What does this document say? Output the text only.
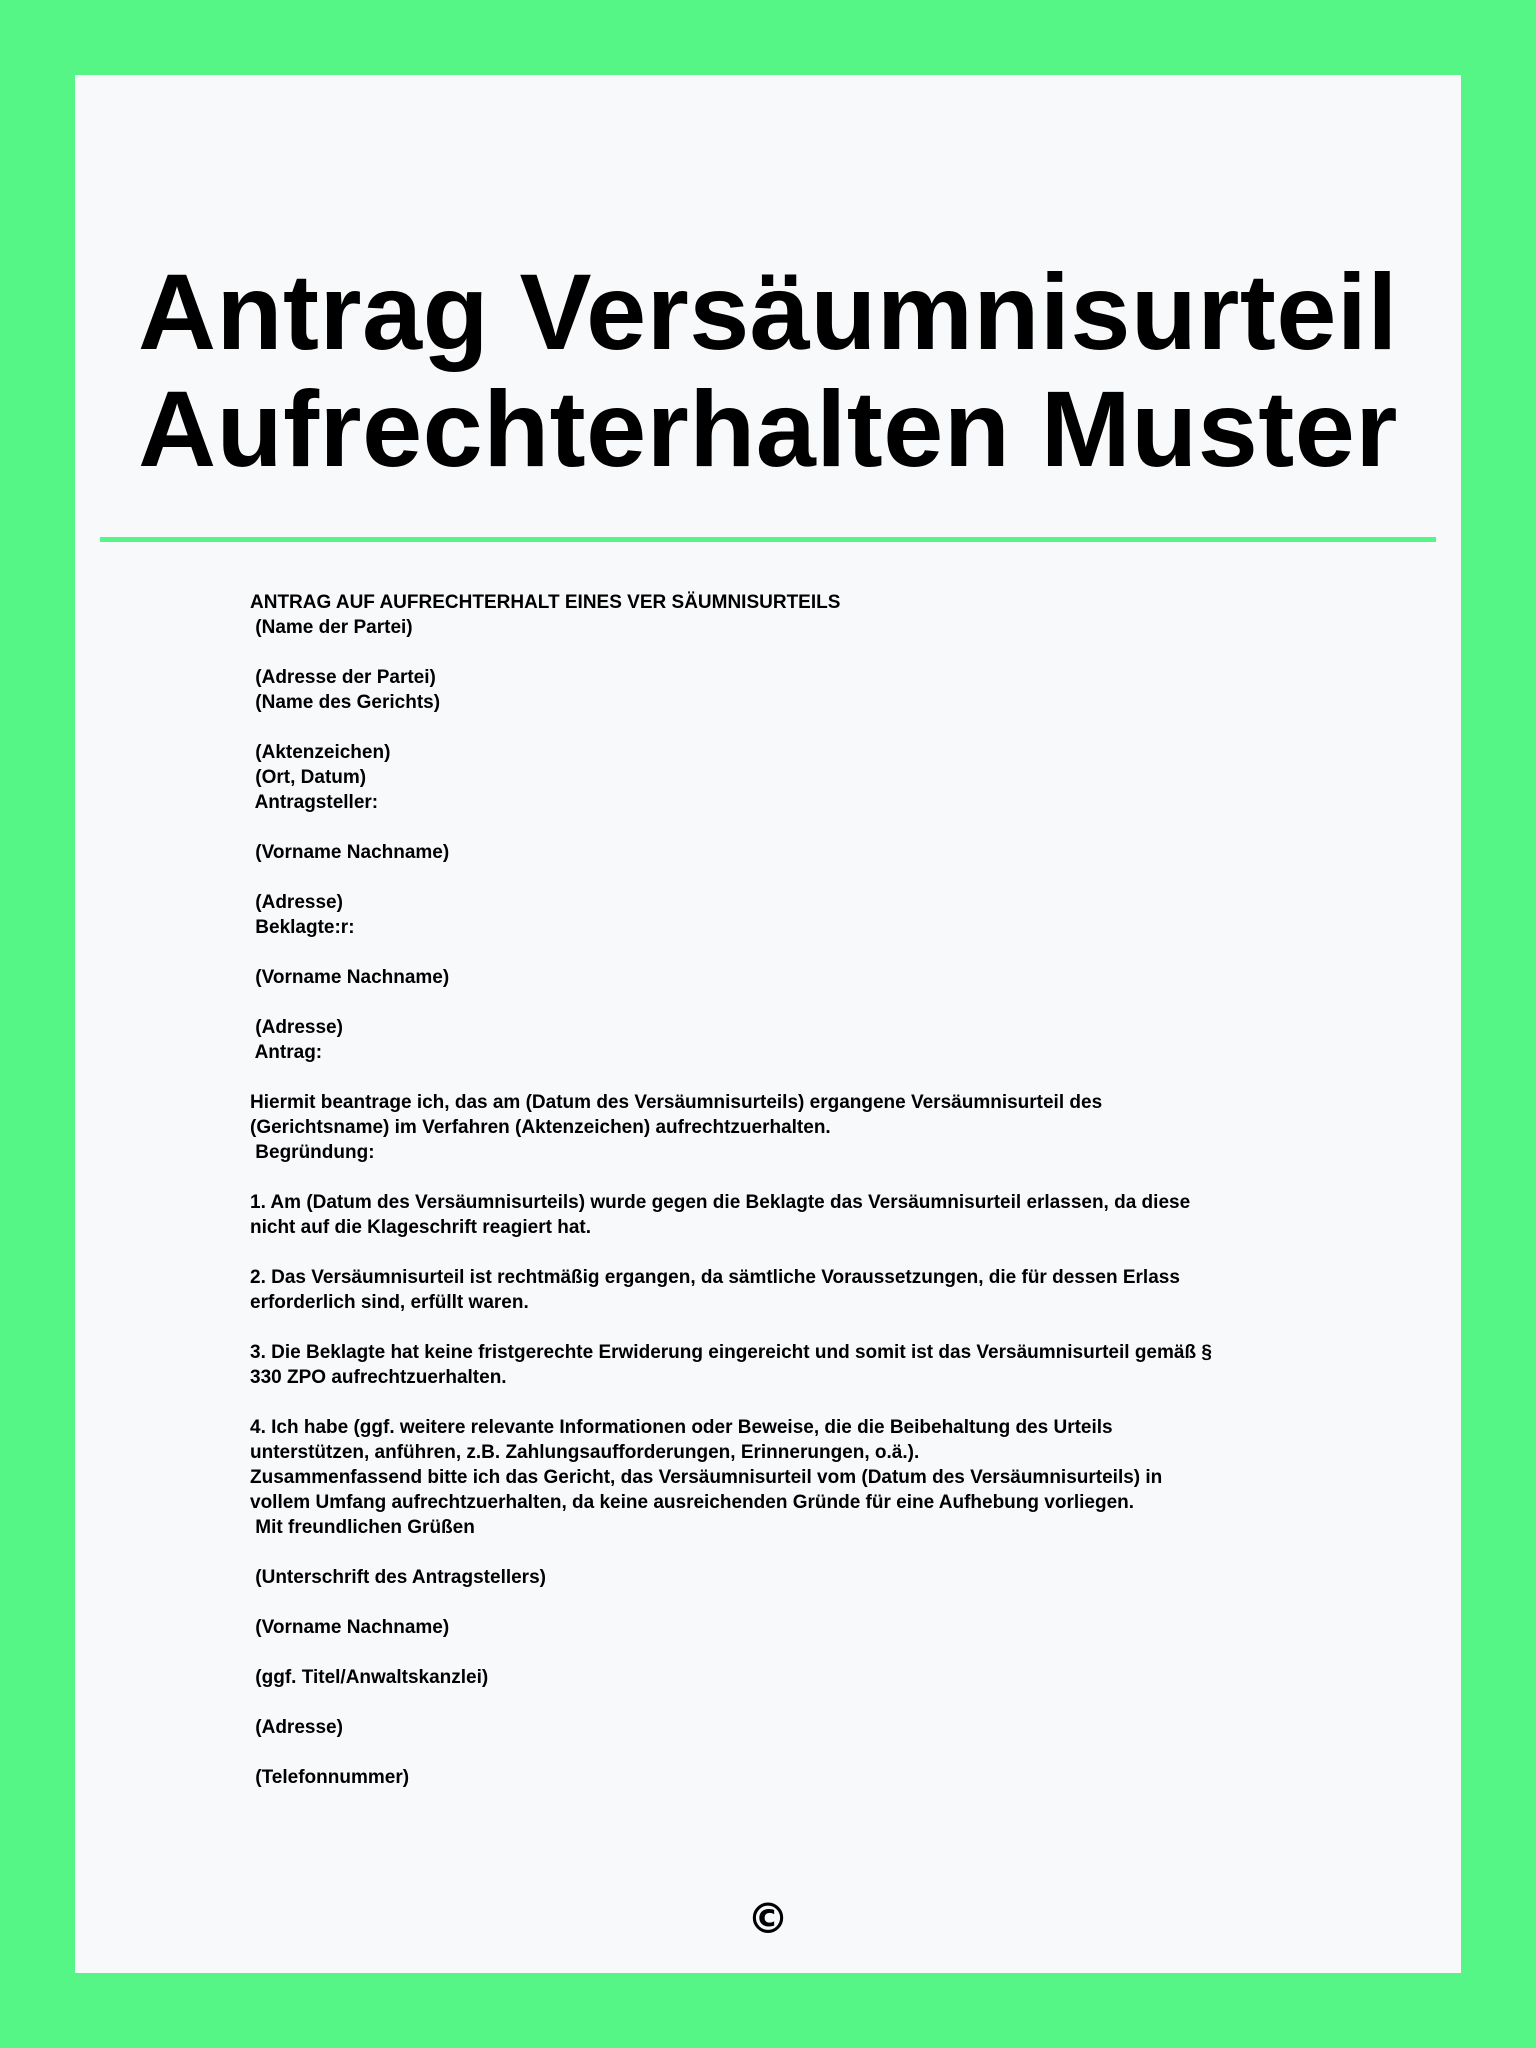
Antrag Versäumnisurteil
Aufrechterhalten Muster
ANTRAG AUF AUFRECHTERHALT EINES VER SÄUMNISURTEILS
(Name der Partei)
(Adresse der Partei)
(Name des Gerichts)
(Aktenzeichen)
(Ort, Datum)
Antragsteller:
(Vorname Nachname)
(Adresse)
Beklagte:r:
(Vorname Nachname)
(Adresse)
Antrag:
Hiermit beantrage ich, das am (Datum des Versäumnisurteils) ergangene Versäumnisurteil des
(Gerichtsname) im Verfahren (Aktenzeichen) aufrechtzuerhalten.
Begründung:
1. Am (Datum des Versäumnisurteils) wurde gegen die Beklagte das Versäumnisurteil erlassen, da diese
nicht auf die Klageschrift reagiert hat.
2. Das Versäumnisurteil ist rechtmäßig ergangen, da sämtliche Voraussetzungen, die für dessen Erlass
erforderlich sind, erfüllt waren.
3. Die Beklagte hat keine fristgerechte Erwiderung eingereicht und somit ist das Versäumnisurteil gemäß §
330 ZPO aufrechtzuerhalten.
4. Ich habe (ggf. weitere relevante Informationen oder Beweise, die die Beibehaltung des Urteils
unterstützen, anführen, z.B. Zahlungsaufforderungen, Erinnerungen, o.ä.).
Zusammenfassend bitte ich das Gericht, das Versäumnisurteil vom (Datum des Versäumnisurteils) in
vollem Umfang aufrechtzuerhalten, da keine ausreichenden Gründe für eine Aufhebung vorliegen.
Mit freundlichen Grüßen
(Unterschrift des Antragstellers)
(Vorname Nachname)
(ggf. Titel/Anwaltskanzlei)
(Adresse)
(Telefonnummer)
©
